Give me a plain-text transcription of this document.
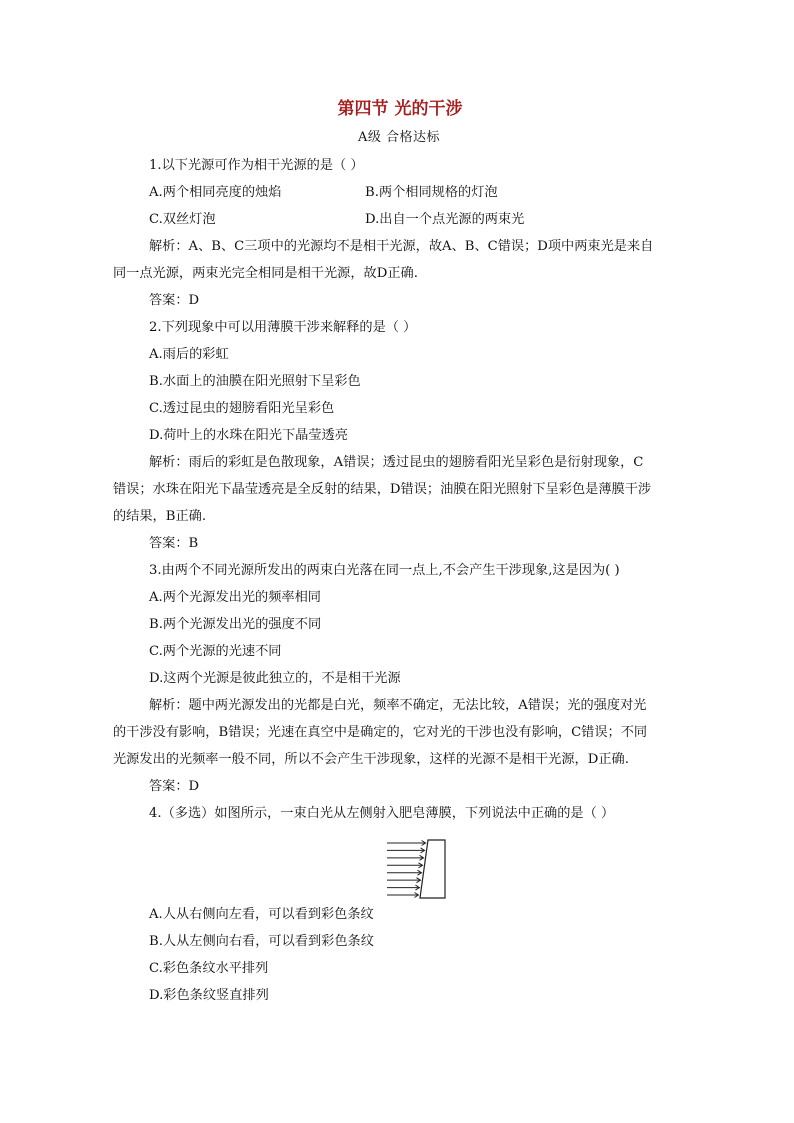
第四节 光的干涉
A级 合格达标
1.以下光源可作为相干光源的是（ ）
A.两个相同亮度的烛焰	B.两个相同规格的灯泡
C.双丝灯泡	D.出自一个点光源的两束光
解析：A、B、C三项中的光源均不是相干光源，故A、B、C错误；D项中两束光是来自
同一点光源，两束光完全相同是相干光源，故D正确.
答案：D
2.下列现象中可以用薄膜干涉来解释的是（ ）
A.雨后的彩虹
B.水面上的油膜在阳光照射下呈彩色
C.透过昆虫的翅膀看阳光呈彩色
D.荷叶上的水珠在阳光下晶莹透亮
解析：雨后的彩虹是色散现象，A错误；透过昆虫的翅膀看阳光呈彩色是衍射现象，C
错误；水珠在阳光下晶莹透亮是全反射的结果，D错误；油膜在阳光照射下呈彩色是薄膜干涉
的结果，B正确.
答案：B
3.由两个不同光源所发出的两束白光落在同一点上,不会产生干涉现象,这是因为( )
A.两个光源发出光的频率相同
B.两个光源发出光的强度不同
C.两个光源的光速不同
D.这两个光源是彼此独立的，不是相干光源
解析：题中两光源发出的光都是白光，频率不确定，无法比较，A错误；光的强度对光
的干涉没有影响，B错误；光速在真空中是确定的，它对光的干涉也没有影响，C错误；不同
光源发出的光频率一般不同，所以不会产生干涉现象，这样的光源不是相干光源，D正确.
答案：D
4.（多选）如图所示，一束白光从左侧射入肥皂薄膜，下列说法中正确的是（ ）
A.人从右侧向左看，可以看到彩色条纹
B.人从左侧向右看，可以看到彩色条纹
C.彩色条纹水平排列
D.彩色条纹竖直排列
